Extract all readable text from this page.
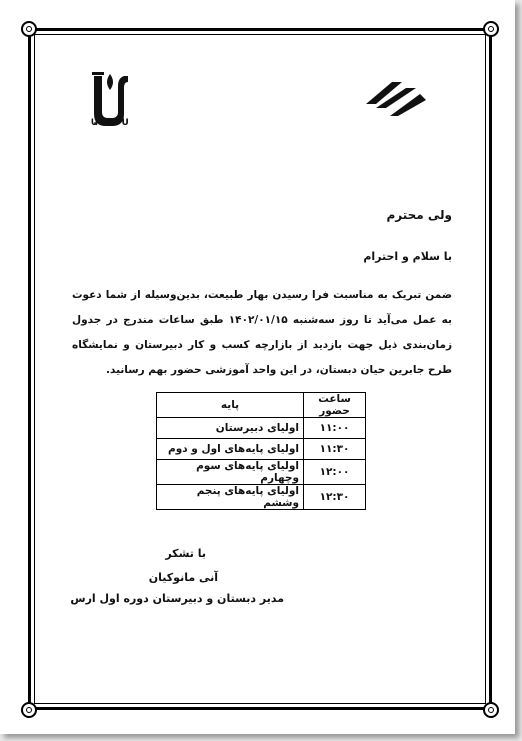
ԱՐԱՐՍ
ولی محترم
با سلام و احترام
ضمن تبریک به مناسبت فرا رسیدن بهار طبیعت، بدین‌وسیله از شما دعوت به عمل می‌آید تا روز سه‌شنبه ۱۴۰۲/۰۱/۱۵ طبق ساعات مندرج در جدول زمان‌بندی ذیل جهت بازدید از بازارچه کسب و کار دبیرستان و نمایشگاه طرح جابرین حیان دبستان، در این واحد آموزشی حضور بهم رسانید.
ساعت حضور	پایه
۱۱:۰۰	اولیای دبیرستان
۱۱:۳۰	اولیای پایه‌های اول و دوم
۱۲:۰۰	اولیای پایه‌های سوم وچهارم
۱۲:۳۰	اولیای پایه‌های پنجم وششم
با تشکر
آنی مانوکیان
مدیر دبستان و دبیرستان دوره اول ارس
